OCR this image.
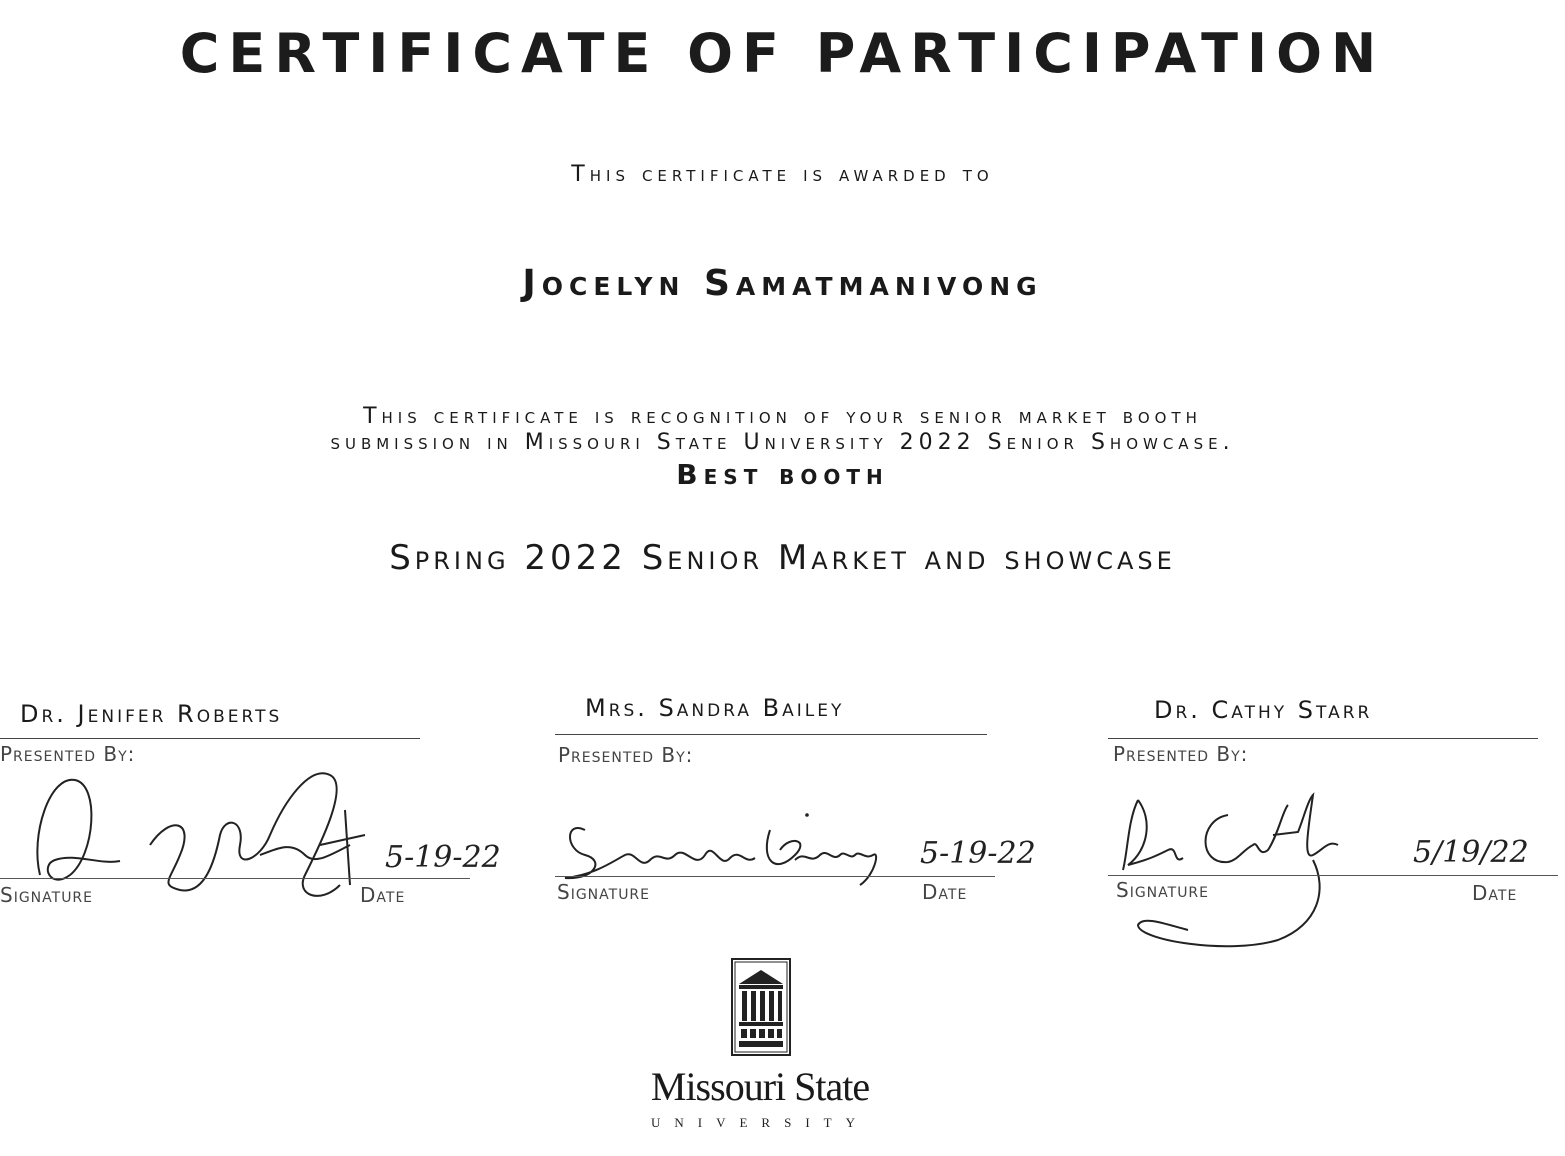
CERTIFICATE OF PARTICIPATION
This certificate is awarded to
Jocelyn Samatmanivong
This certificate is recognition of your senior market booth
submission in Missouri State University 2022 Senior Showcase.
Best booth
Spring 2022 Senior Market and showcase
Dr. Jenifer Roberts
Presented By:
5-19-22
Signature	Date
Mrs. Sandra Bailey
Presented By:
5-19-22
Signature	Date
Dr. Cathy Starr
Presented By:
5/19/22
Signature	Date
Missouri State
UNIVERSITY
